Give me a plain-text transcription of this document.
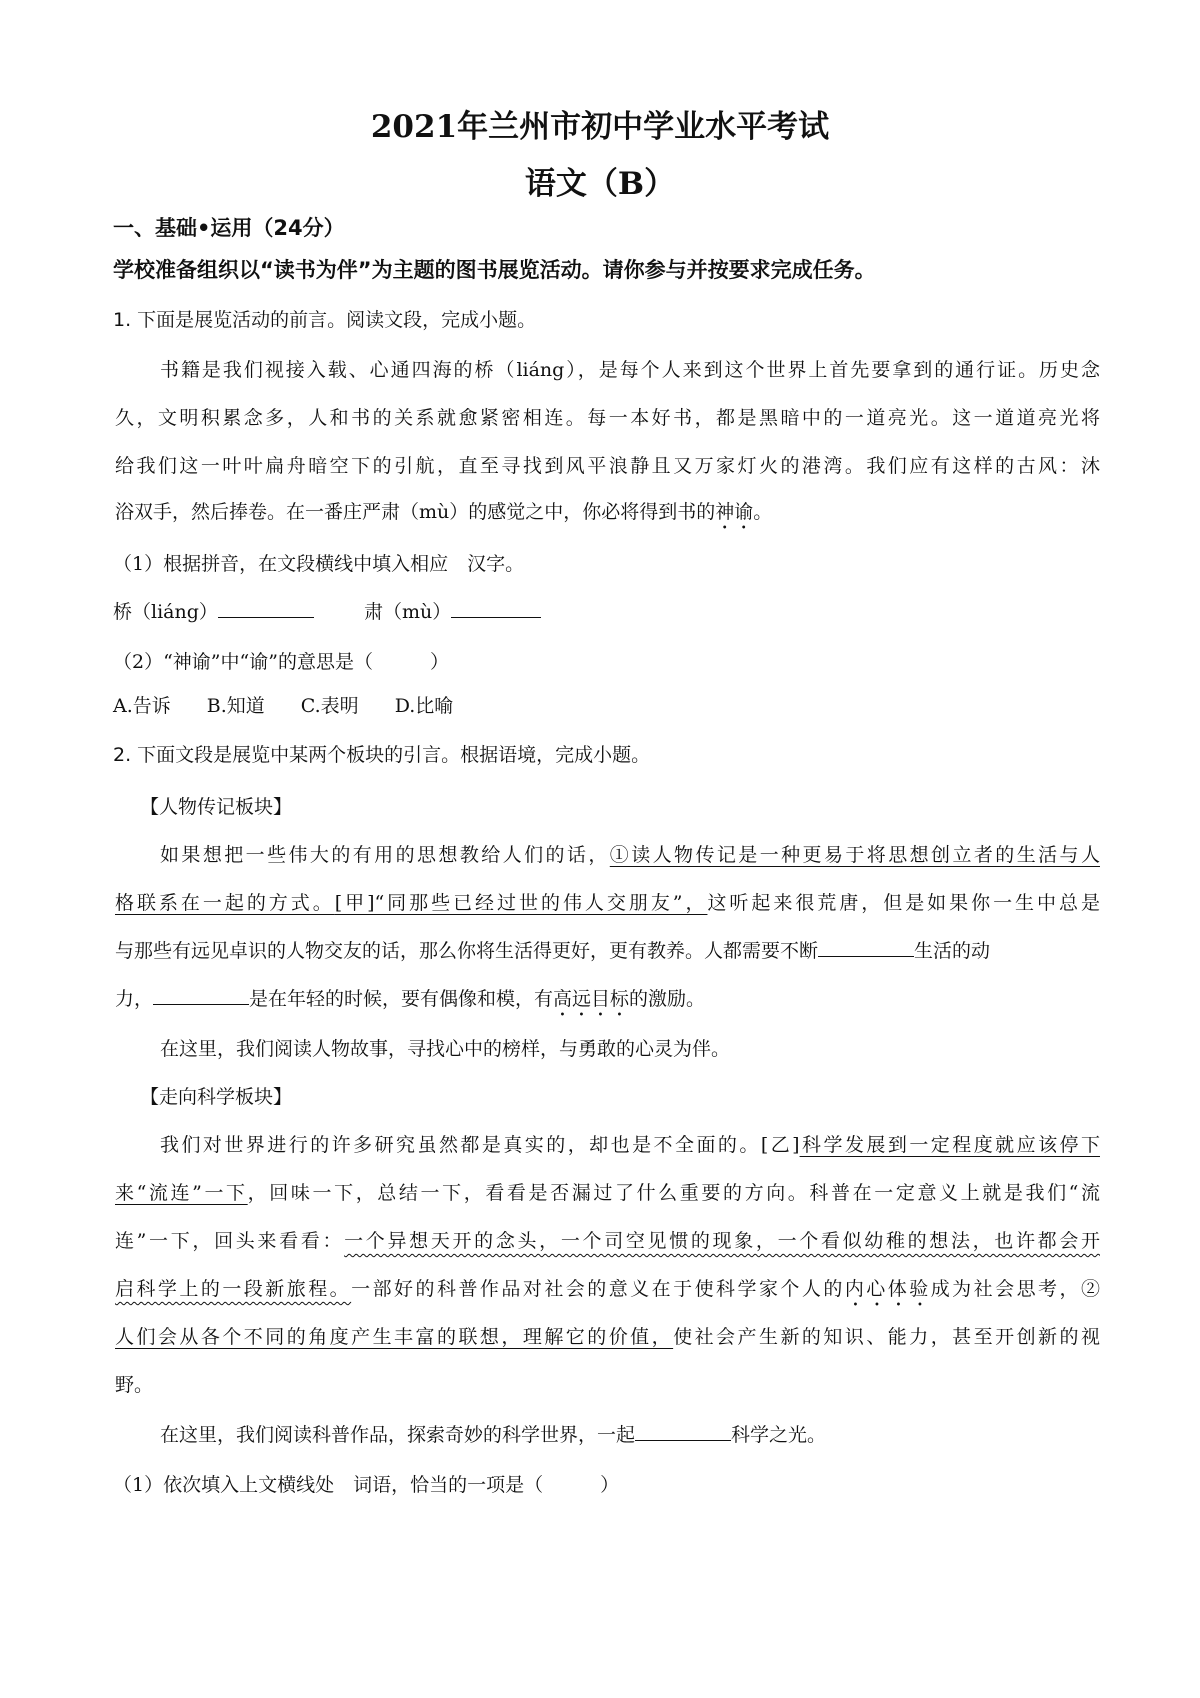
2021年兰州市初中学业水平考试
语文（B）
一、基础•运用（24分）
学校准备组织以“读书为伴”为主题的图书展览活动。请你参与并按要求完成任务。
1. 下面是展览活动的前言。阅读文段，完成小题。
书籍是我们视接入载、心通四海的桥（liáng），是每个人来到这个世界上首先要拿到的通行证。历史念
久，文明积累念多，人和书的关系就愈紧密相连。每一本好书，都是黑暗中的一道亮光。这一道道亮光将
给我们这一叶叶扁舟暗空下的引航，直至寻找到风平浪静且又万家灯火的港湾。我们应有这样的古风：沐
浴双手，然后捧卷。在一番庄严肃（mù）的感觉之中，你必将得到书的神谕。
（1）根据拼音，在文段横线中填入相应　汉字。
桥（liáng）	肃（mù）
（2）“神谕”中“谕”的意思是（　　　）
A.告诉 B.知道 C.表明 D.比喻
2. 下面文段是展览中某两个板块的引言。根据语境，完成小题。
【人物传记板块】
如果想把一些伟大的有用的思想教给人们的话，①读人物传记是一种更易于将思想创立者的生活与人
格联系在一起的方式。[甲]“同那些已经过世的伟人交朋友”，这听起来很荒唐，但是如果你一生中总是
与那些有远见卓识的人物交友的话，那么你将生活得更好，更有教养。人都需要不断	生活的动
力，	是在年轻的时候，要有偶像和模，有高远目标的激励。
在这里，我们阅读人物故事，寻找心中的榜样，与勇敢的心灵为伴。
【走向科学板块】
我们对世界进行的许多研究虽然都是真实的，却也是不全面的。[乙]科学发展到一定程度就应该停下
来“流连”一下，回味一下，总结一下，看看是否漏过了什么重要的方向。科普在一定意义上就是我们“流
连”一下，回头来看看：一个异想天开的念头，一个司空见惯的现象，一个看似幼稚的想法，也许都会开
启科学上的一段新旅程。一部好的科普作品对社会的意义在于使科学家个人的内心体验成为社会思考，②
人们会从各个不同的角度产生丰富的联想，理解它的价值，使社会产生新的知识、能力，甚至开创新的视
野。
在这里，我们阅读科普作品，探索奇妙的科学世界，一起	科学之光。
（1）依次填入上文横线处　词语，恰当的一项是（　　　）
